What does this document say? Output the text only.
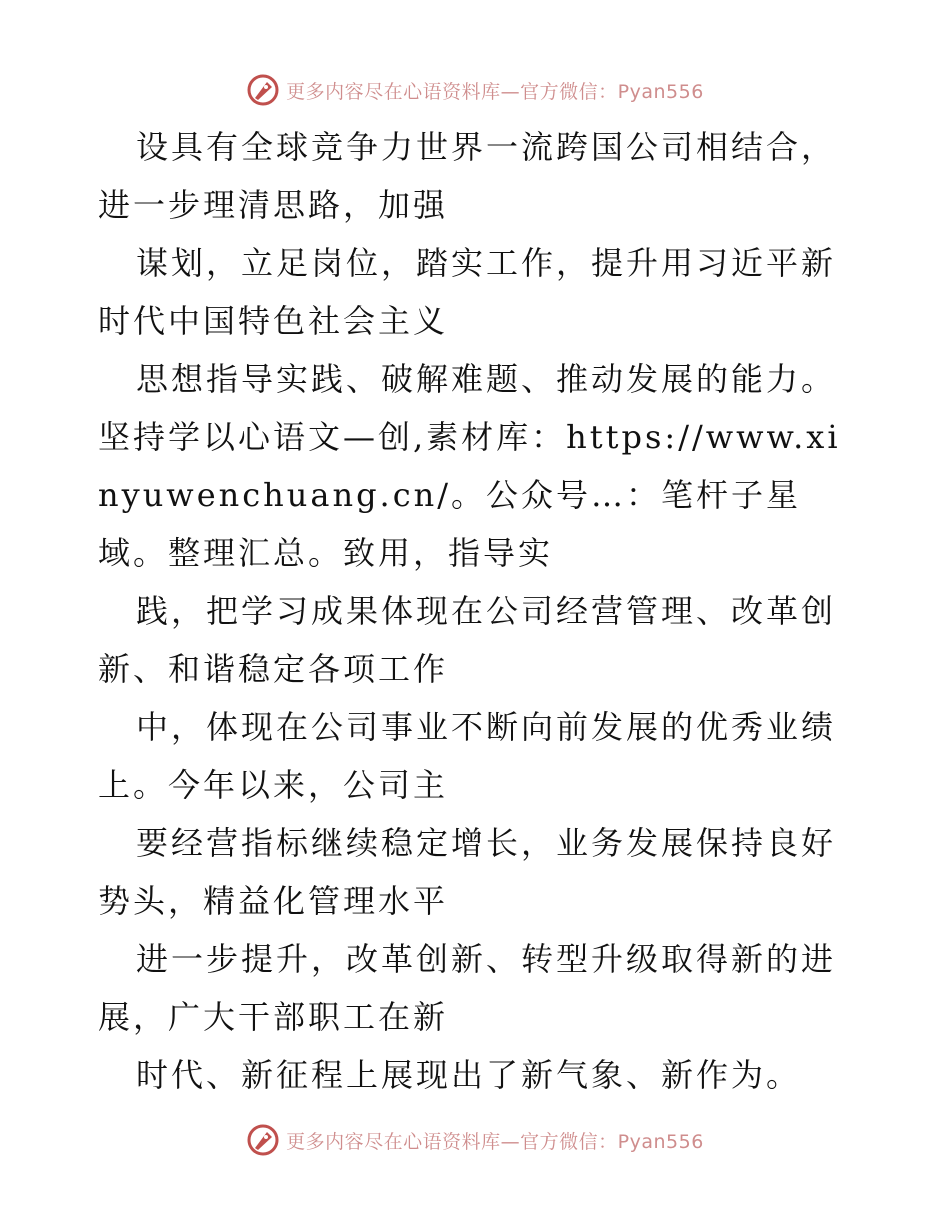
更多内容尽在心语资料库—官方微信：Pyan556

设具有全球竞争力世界一流跨国公司相结合，进一步理清思路，加强

谋划，立足岗位，踏实工作，提升用习近平新时代中国特色社会主义

思想指导实践、破解难题、推动发展的能力。坚持学以心语文—创,素材库：https://www.xinyuwenchuang.cn/。公众号…：笔杆子星域。整理汇总。致用，指导实

践，把学习成果体现在公司经营管理、改革创新、和谐稳定各项工作

中，体现在公司事业不断向前发展的优秀业绩上。今年以来，公司主

要经营指标继续稳定增长，业务发展保持良好势头，精益化管理水平

进一步提升，改革创新、转型升级取得新的进展，广大干部职工在新

时代、新征程上展现出了新气象、新作为。

更多内容尽在心语资料库—官方微信：Pyan556
